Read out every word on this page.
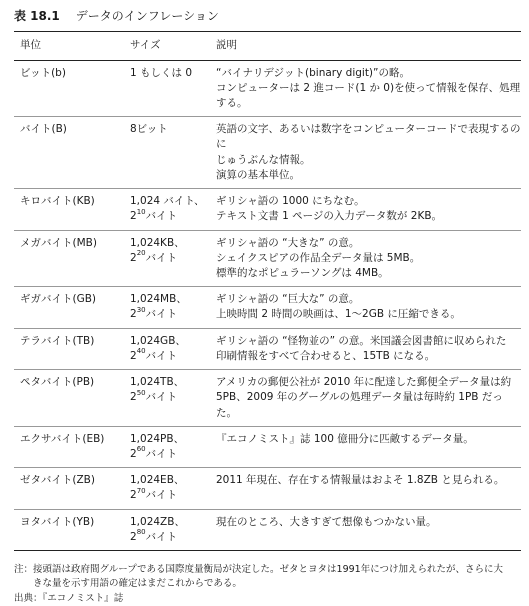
表 18.1 データのインフレーション
単位	サイズ	説明
ビット(b)	1 もしくは 0	“バイナリデジット(binary digit)”の略。
コンピューターは 2 進コード(1 か 0)を使って情報を保存、処理する。

バイト(B)	8ビット	英語の文字、あるいは数字をコンピューターコードで表現するのに
じゅうぶんな情報。
演算の基本単位。

キロバイト(KB)	1,024 バイト、
$2^{10}$バイト	ギリシャ語の 1000 にちなむ。
テキスト文書 1 ページの入力データ数が 2KB。

メガバイト(MB)	1,024KB、
$2^{20}$バイト	ギリシャ語の “大きな” の意。
シェイクスピアの作品全データ量は 5MB。
標準的なポピュラーソングは 4MB。

ギガバイト(GB)	1,024MB、
$2^{30}$バイト	ギリシャ語の “巨大な” の意。
上映時間 2 時間の映画は、1～2GB に圧縮できる。

テラバイト(TB)	1,024GB、
$2^{40}$バイト	ギリシャ語の “怪物並の” の意。米国議会図書館に収められた
印刷情報をすべて合わせると、15TB になる。

ペタバイト(PB)	1,024TB、
$2^{50}$バイト	アメリカの郵便公社が 2010 年に配達した郵便全データ量は約
5PB、2009 年のグーグルの処理データ量は毎時約 1PB だった。

エクサバイト(EB)	1,024PB、
$2^{60}$バイト	『エコノミスト』誌 100 億冊分に匹敵するデータ量。

ゼタバイト(ZB)	1,024EB、
$2^{70}$バイト	2011 年現在、存在する情報量はおよそ 1.8ZB と見られる。

ヨタバイト(YB)	1,024ZB、
$2^{80}$バイト	現在のところ、大きすぎて想像もつかない量。
注： 接頭語は政府間グループである国際度量衡局が決定した。ゼタとヨタは1991年につけ加えられたが、さらに大
きな量を示す用語の確定はまだこれからである。
出典：『エコノミスト』誌
